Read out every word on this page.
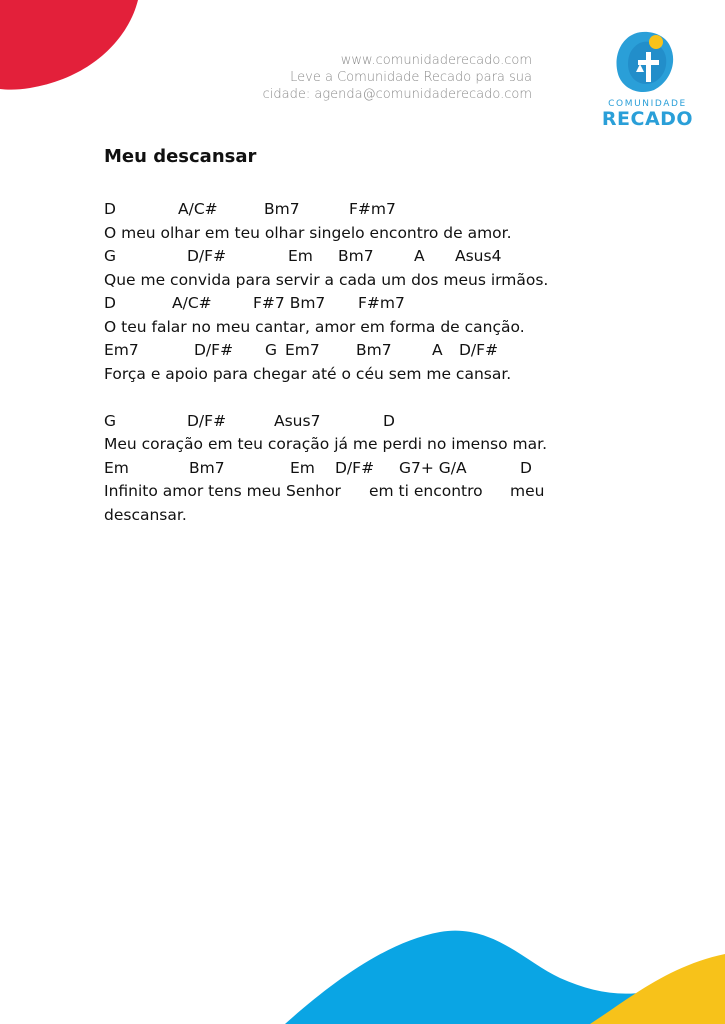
www.comunidaderecado.com
Leve a Comunidade Recado para sua
cidade: agenda@comunidaderecado.com
COMUNIDADE
RECADO
Meu descansar
D	A/C#	Bm7	F#m7
O meu olhar em teu olhar singelo encontro de amor.
G	D/F#	Em Bm7	A Asus4
Que me convida para servir a cada um dos meus irmãos.
D	A/C#	F#7 Bm7 F#m7
O teu falar no meu cantar, amor em forma de canção.
Em7	D/F# G Em7 Bm7	A D/F#
Força e apoio para chegar até o céu sem me cansar.
G	D/F#	Asus7	D
Meu coração em teu coração já me perdi no imenso mar.
Em	Bm7	Em D/F# G7+ G/A	D
Infinito amor tens meu Senhor em ti encontro meu
descansar.
